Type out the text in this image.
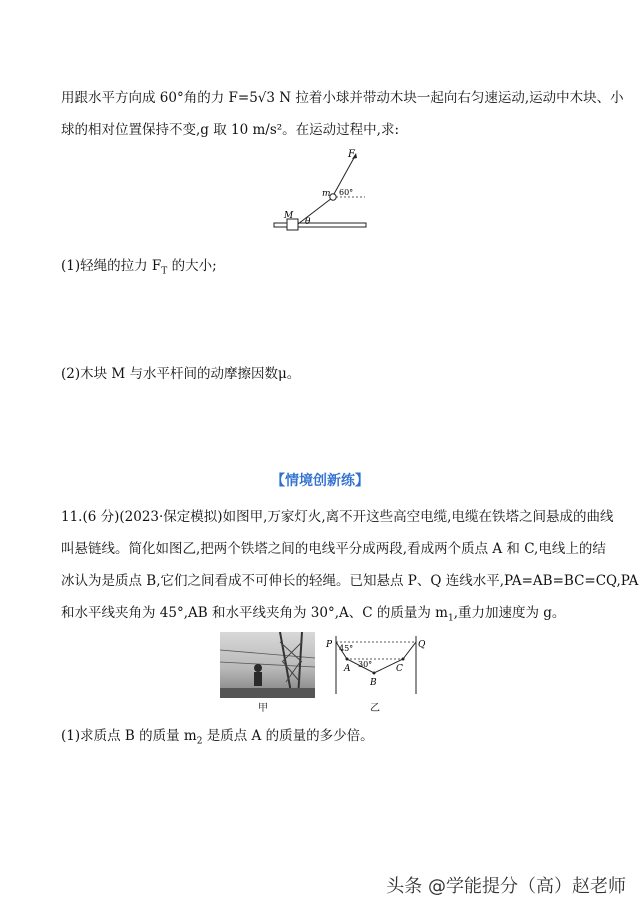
用跟水平方向成 60°角的力 F=5√3 N 拉着小球并带动木块一起向右匀速运动,运动中木块、小
球的相对位置保持不变,g 取 10 m/s²。在运动过程中,求:
F
m 60°
M
θ
(1)轻绳的拉力 $F_T$ 的大小;
(2)木块 M 与水平杆间的动摩擦因数μ。
【情境创新练】
11.(6 分)(2023·保定模拟)如图甲,万家灯火,离不开这些高空电缆,电缆在铁塔之间悬成的曲线
叫悬链线。简化如图乙,把两个铁塔之间的电线平分成两段,看成两个质点 A 和 C,电线上的结
冰认为是质点 B,它们之间看成不可伸长的轻绳。已知悬点 P、Q 连线水平,PA=AB=BC=CQ,PA
和水平线夹角为 45°,AB 和水平线夹角为 30°,A、C 的质量为 $m_1$,重力加速度为 g。
甲
P	Q
45°
30°
A
B
C
乙
(1)求质点 B 的质量 $m_2$ 是质点 A 的质量的多少倍。
头条 @学能提分（高）赵老师
